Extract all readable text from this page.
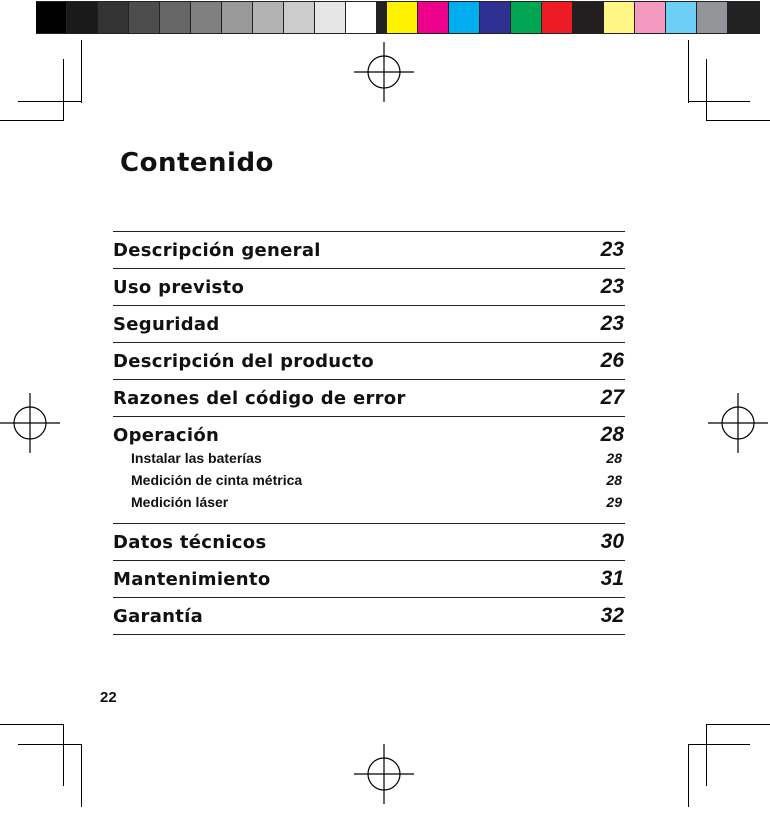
Contenido
Descripción general	23
Uso previsto	23
Seguridad	23
Descripción del producto	26
Razones del código de error	27
Operación	28
Instalar las baterías	28
Medición de cinta métrica	28
Medición láser	29
Datos técnicos	30
Mantenimiento	31
Garantía	32
22
